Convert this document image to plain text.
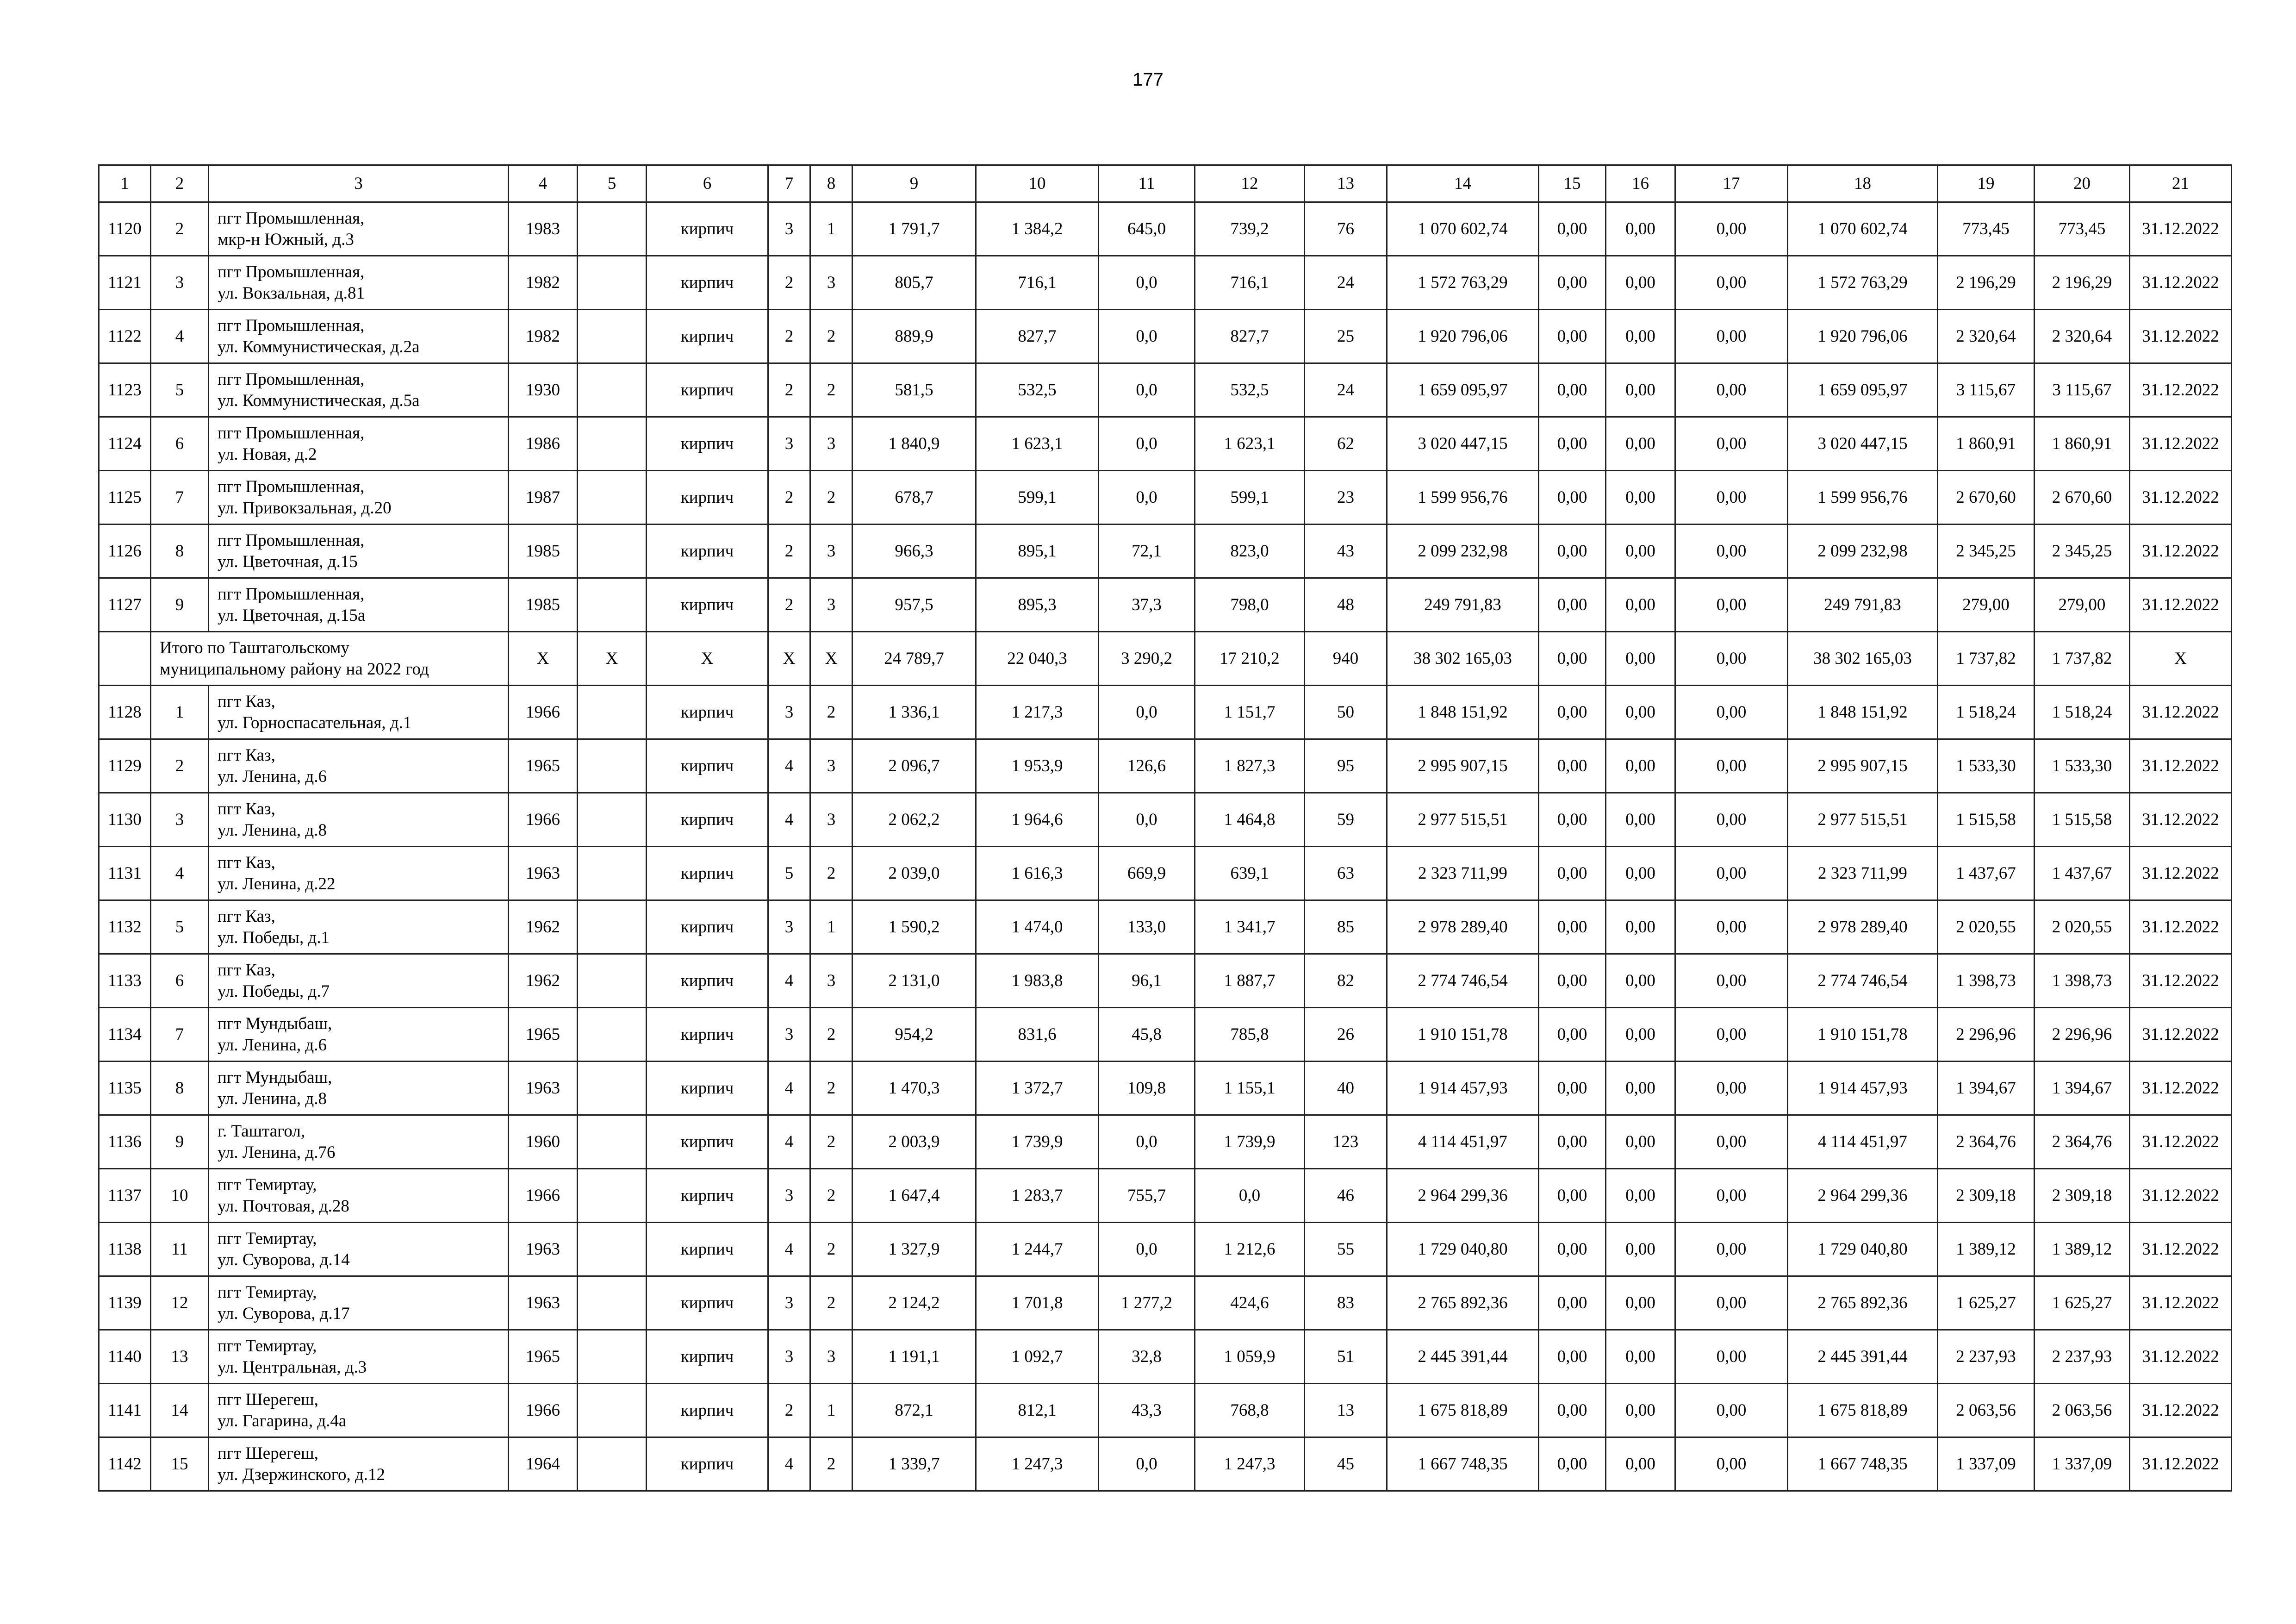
177
1	2	3	4	5	6	7	8	9	10	11	12	13	14	15	16	17	18	19	20	21
1120	2	пгт Промышленная,
мкр-н Южный, д.3	1983		кирпич	3	1	1 791,7	1 384,2	645,0	739,2	76	1 070 602,74	0,00	0,00	0,00	1 070 602,74	773,45	773,45	31.12.2022
1121	3	пгт Промышленная,
ул. Вокзальная, д.81	1982		кирпич	2	3	805,7	716,1	0,0	716,1	24	1 572 763,29	0,00	0,00	0,00	1 572 763,29	2 196,29	2 196,29	31.12.2022
1122	4	пгт Промышленная,
ул. Коммунистическая, д.2а	1982		кирпич	2	2	889,9	827,7	0,0	827,7	25	1 920 796,06	0,00	0,00	0,00	1 920 796,06	2 320,64	2 320,64	31.12.2022
1123	5	пгт Промышленная,
ул. Коммунистическая, д.5а	1930		кирпич	2	2	581,5	532,5	0,0	532,5	24	1 659 095,97	0,00	0,00	0,00	1 659 095,97	3 115,67	3 115,67	31.12.2022
1124	6	пгт Промышленная,
ул. Новая, д.2	1986		кирпич	3	3	1 840,9	1 623,1	0,0	1 623,1	62	3 020 447,15	0,00	0,00	0,00	3 020 447,15	1 860,91	1 860,91	31.12.2022
1125	7	пгт Промышленная,
ул. Привокзальная, д.20	1987		кирпич	2	2	678,7	599,1	0,0	599,1	23	1 599 956,76	0,00	0,00	0,00	1 599 956,76	2 670,60	2 670,60	31.12.2022
1126	8	пгт Промышленная,
ул. Цветочная, д.15	1985		кирпич	2	3	966,3	895,1	72,1	823,0	43	2 099 232,98	0,00	0,00	0,00	2 099 232,98	2 345,25	2 345,25	31.12.2022
1127	9	пгт Промышленная,
ул. Цветочная, д.15а	1985		кирпич	2	3	957,5	895,3	37,3	798,0	48	249 791,83	0,00	0,00	0,00	249 791,83	279,00	279,00	31.12.2022
	Итого по Таштагольскому
муниципальному району на 2022 год		X	X	X	X	X	24 789,7	22 040,3	3 290,2	17 210,2	940	38 302 165,03	0,00	0,00	0,00	38 302 165,03	1 737,82	1 737,82	X
1128	1	пгт Каз,
ул. Горноспасательная, д.1	1966		кирпич	3	2	1 336,1	1 217,3	0,0	1 151,7	50	1 848 151,92	0,00	0,00	0,00	1 848 151,92	1 518,24	1 518,24	31.12.2022
1129	2	пгт Каз,
ул. Ленина, д.6	1965		кирпич	4	3	2 096,7	1 953,9	126,6	1 827,3	95	2 995 907,15	0,00	0,00	0,00	2 995 907,15	1 533,30	1 533,30	31.12.2022
1130	3	пгт Каз,
ул. Ленина, д.8	1966		кирпич	4	3	2 062,2	1 964,6	0,0	1 464,8	59	2 977 515,51	0,00	0,00	0,00	2 977 515,51	1 515,58	1 515,58	31.12.2022
1131	4	пгт Каз,
ул. Ленина, д.22	1963		кирпич	5	2	2 039,0	1 616,3	669,9	639,1	63	2 323 711,99	0,00	0,00	0,00	2 323 711,99	1 437,67	1 437,67	31.12.2022
1132	5	пгт Каз,
ул. Победы, д.1	1962		кирпич	3	1	1 590,2	1 474,0	133,0	1 341,7	85	2 978 289,40	0,00	0,00	0,00	2 978 289,40	2 020,55	2 020,55	31.12.2022
1133	6	пгт Каз,
ул. Победы, д.7	1962		кирпич	4	3	2 131,0	1 983,8	96,1	1 887,7	82	2 774 746,54	0,00	0,00	0,00	2 774 746,54	1 398,73	1 398,73	31.12.2022
1134	7	пгт Мундыбаш,
ул. Ленина, д.6	1965		кирпич	3	2	954,2	831,6	45,8	785,8	26	1 910 151,78	0,00	0,00	0,00	1 910 151,78	2 296,96	2 296,96	31.12.2022
1135	8	пгт Мундыбаш,
ул. Ленина, д.8	1963		кирпич	4	2	1 470,3	1 372,7	109,8	1 155,1	40	1 914 457,93	0,00	0,00	0,00	1 914 457,93	1 394,67	1 394,67	31.12.2022
1136	9	г. Таштагол,
ул. Ленина, д.76	1960		кирпич	4	2	2 003,9	1 739,9	0,0	1 739,9	123	4 114 451,97	0,00	0,00	0,00	4 114 451,97	2 364,76	2 364,76	31.12.2022
1137	10	пгт Темиртау,
ул. Почтовая, д.28	1966		кирпич	3	2	1 647,4	1 283,7	755,7	0,0	46	2 964 299,36	0,00	0,00	0,00	2 964 299,36	2 309,18	2 309,18	31.12.2022
1138	11	пгт Темиртау,
ул. Суворова, д.14	1963		кирпич	4	2	1 327,9	1 244,7	0,0	1 212,6	55	1 729 040,80	0,00	0,00	0,00	1 729 040,80	1 389,12	1 389,12	31.12.2022
1139	12	пгт Темиртау,
ул. Суворова, д.17	1963		кирпич	3	2	2 124,2	1 701,8	1 277,2	424,6	83	2 765 892,36	0,00	0,00	0,00	2 765 892,36	1 625,27	1 625,27	31.12.2022
1140	13	пгт Темиртау,
ул. Центральная, д.3	1965		кирпич	3	3	1 191,1	1 092,7	32,8	1 059,9	51	2 445 391,44	0,00	0,00	0,00	2 445 391,44	2 237,93	2 237,93	31.12.2022
1141	14	пгт Шерегеш,
ул. Гагарина, д.4а	1966		кирпич	2	1	872,1	812,1	43,3	768,8	13	1 675 818,89	0,00	0,00	0,00	1 675 818,89	2 063,56	2 063,56	31.12.2022
1142	15	пгт Шерегеш,
ул. Дзержинского, д.12	1964		кирпич	4	2	1 339,7	1 247,3	0,0	1 247,3	45	1 667 748,35	0,00	0,00	0,00	1 667 748,35	1 337,09	1 337,09	31.12.2022
